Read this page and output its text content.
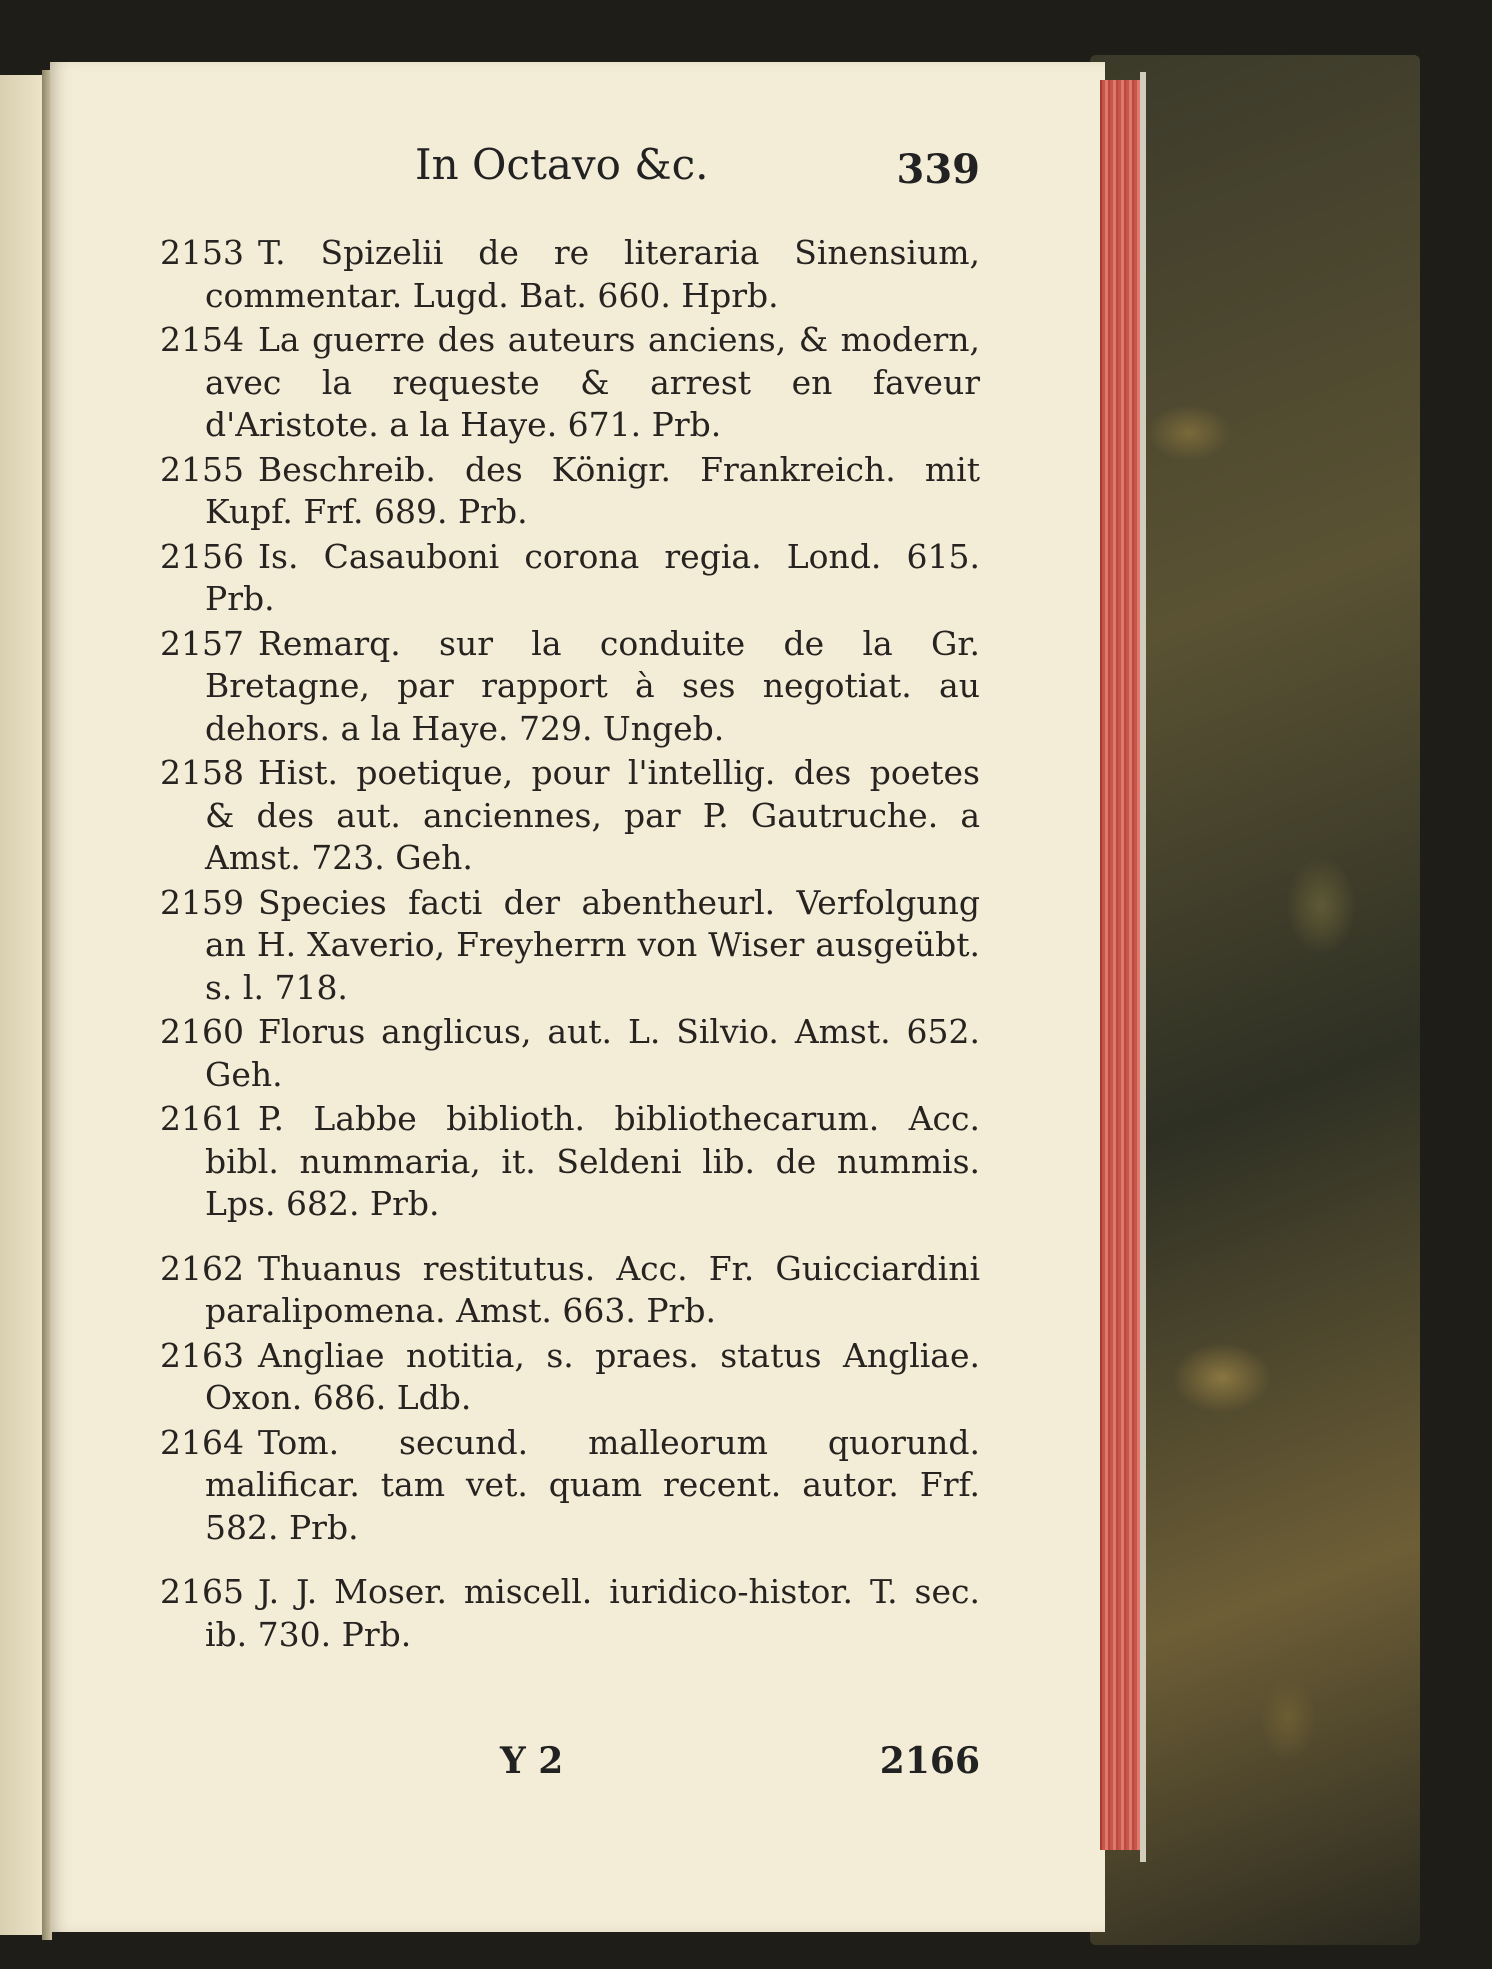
In Octavo &c.	339
2153 T. Spizelii de re literaria Sinensium, commentar. Lugd. Bat. 660. Hprb.
2154 La guerre des auteurs anciens, & modern, avec la requeste & arrest en faveur d'Aristote. a la Haye. 671. Prb.
2155 Beschreib. des Königr. Frankreich. mit Kupf. Frf. 689. Prb.
2156 Is. Casauboni corona regia. Lond. 615. Prb.
2157 Remarq. sur la conduite de la Gr. Bretagne, par rapport à ses negotiat. au dehors. a la Haye. 729. Ungeb.
2158 Hist. poetique, pour l'intellig. des poetes & des aut. anciennes, par P. Gautruche. a Amst. 723. Geh.
2159 Species facti der abentheurl. Verfolgung an H. Xaverio, Freyherrn von Wiser ausgeübt. s. l. 718.
2160 Florus anglicus, aut. L. Silvio. Amst. 652. Geh.
2161 P. Labbe biblioth. bibliothecarum. Acc. bibl. nummaria, it. Seldeni lib. de nummis. Lps. 682. Prb.
2162 Thuanus restitutus. Acc. Fr. Guicciardini paralipomena. Amst. 663. Prb.
2163 Angliae notitia, s. praes. status Angliae. Oxon. 686. Ldb.
2164 Tom. secund. malleorum quorund. malificar. tam vet. quam recent. autor. Frf. 582. Prb.
2165 J. J. Moser. miscell. iuridico-histor. T. sec. ib. 730. Prb.
Y 2	2166
